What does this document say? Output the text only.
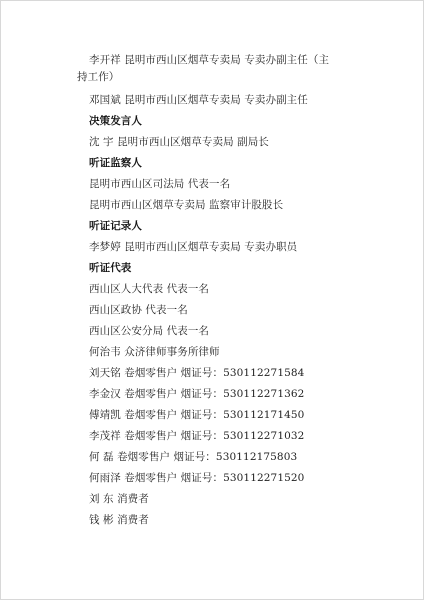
李开祥 昆明市西山区烟草专卖局 专卖办副主任（主
持工作）
邓国斌 昆明市西山区烟草专卖局 专卖办副主任
决策发言人
沈 宇 昆明市西山区烟草专卖局 副局长
听证监察人
昆明市西山区司法局 代表一名
昆明市西山区烟草专卖局 监察审计股股长
听证记录人
李梦婷 昆明市西山区烟草专卖局 专卖办职员
听证代表
西山区人大代表 代表一名
西山区政协 代表一名
西山区公安分局 代表一名
何治韦 众济律师事务所律师
刘天铭 卷烟零售户 烟证号：530112271584
李金汉 卷烟零售户 烟证号：530112271362
傅靖凯 卷烟零售户 烟证号：530112171450
李茂祥 卷烟零售户 烟证号：530112271032
何 磊 卷烟零售户 烟证号：530112175803
何雨泽 卷烟零售户 烟证号：530112271520
刘 东 消费者
钱 彬 消费者
